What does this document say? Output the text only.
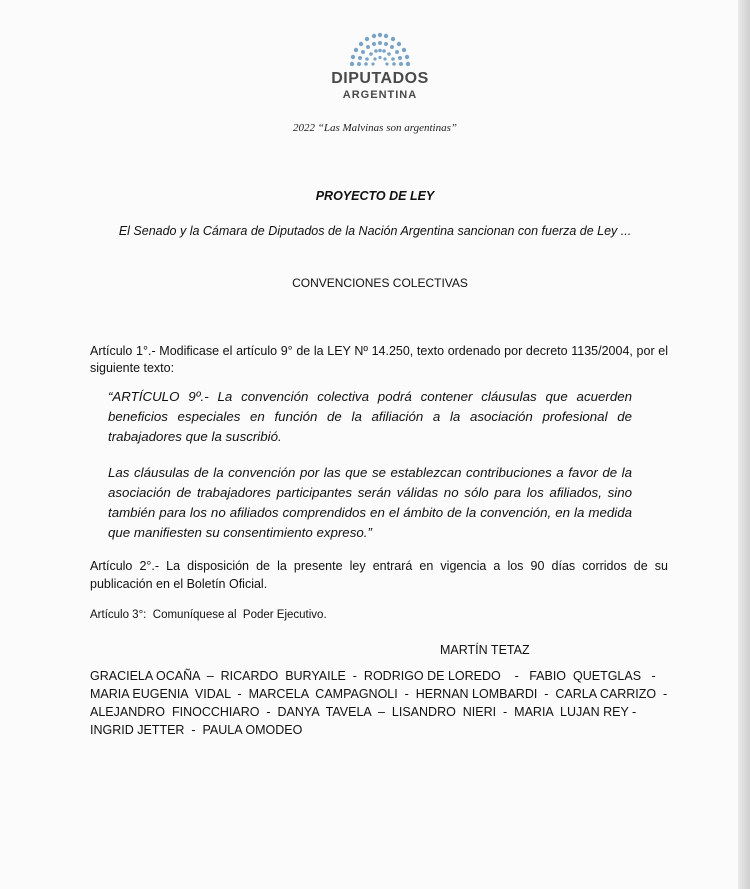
DIPUTADOS
ARGENTINA
2022 “Las Malvinas son argentinas”
PROYECTO DE LEY
El Senado y la Cámara de Diputados de la Nación Argentina sancionan con fuerza de Ley ...
CONVENCIONES COLECTIVAS
Artículo 1°.- Modificase el artículo 9° de la LEY Nº 14.250, texto ordenado por decreto 1135/2004, por el siguiente texto:
“ARTÍCULO 9º.- La convención colectiva podrá contener cláusulas que acuerden beneficios especiales en función de la afiliación a la asociación profesional de trabajadores que la suscribió.
Las cláusulas de la convención por las que se establezcan contribuciones a favor de la asociación de trabajadores participantes serán válidas no sólo para los afiliados, sino también para los no afiliados comprendidos en el ámbito de la convención, en la medida que manifiesten su consentimiento expreso.”
Artículo 2°.- La disposición de la presente ley entrará en vigencia a los 90 días corridos de su publicación en el Boletín Oficial.
Artículo 3°:  Comuníquese al  Poder Ejecutivo.
MARTÍN TETAZ
GRACIELA OCAÑA  –  RICARDO  BURYAILE  -  RODRIGO DE LOREDO    -   FABIO  QUETGLAS   -
MARIA EUGENIA  VIDAL  -  MARCELA  CAMPAGNOLI  -  HERNAN LOMBARDI  -  CARLA CARRIZO  -
ALEJANDRO  FINOCCHIARO  -  DANYA  TAVELA  –  LISANDRO  NIERI  -  MARIA  LUJAN REY -
INGRID JETTER  -  PAULA OMODEO
